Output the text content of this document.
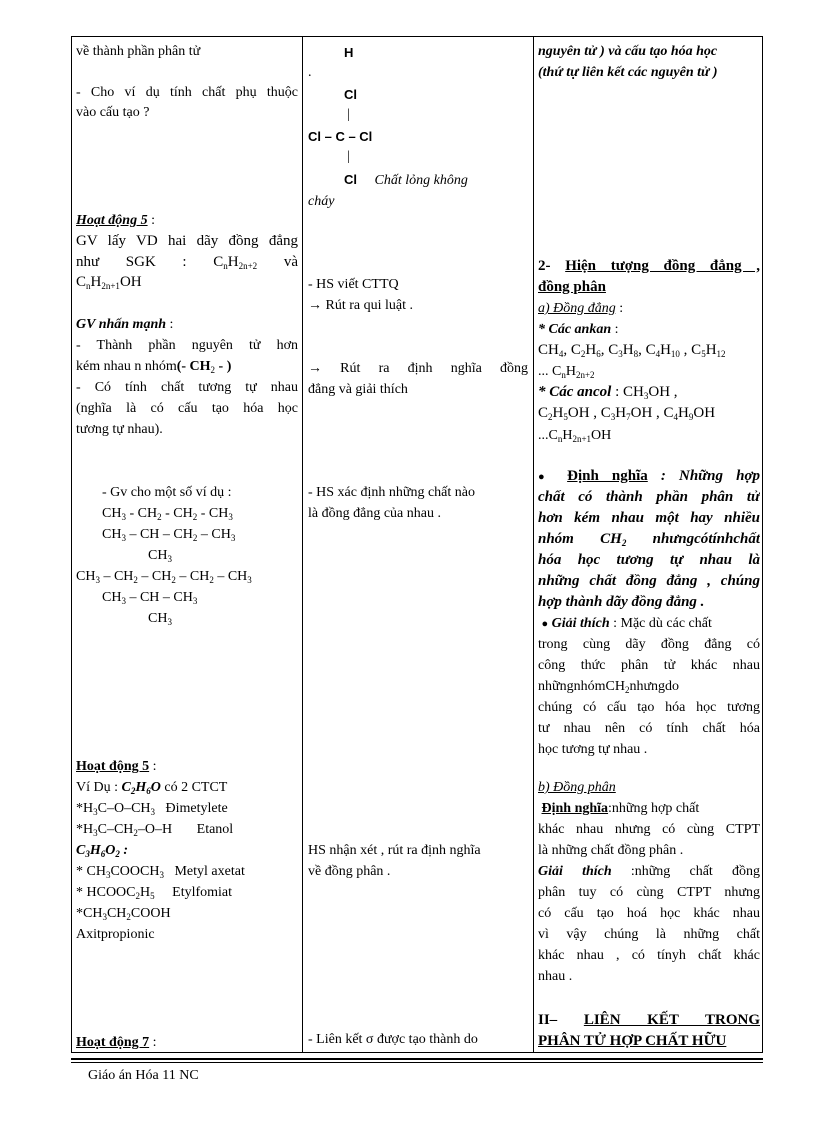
về thành phần phân tử
- Cho ví dụ tính chất phụ thuộc
vào cấu tạo ?
Hoạt động 5 :
GV lấy VD hai dãy đồng đẳng
như SGK : $C_nH_{2n+2}$ và
$C_nH_{2n+1}OH$
GV nhấn mạnh :
- Thành phần nguyên tử hơn
kém nhau n nhóm(- $CH_2$ - )
- Có tính chất tương tự nhau
(nghĩa là có cấu tạo hóa học
tương tự nhau).
- Gv cho một số ví dụ :
$CH_3 - CH_2 - CH_2 - CH_3$
$CH_3$ – CH – $CH_2 - CH_3$
$CH_3$
$CH_3 - CH_2 - CH_2 - CH_2 - CH_3$
$CH_3$ – CH – $CH_3$
$CH_3$
Hoạt động 5 :
Ví Dụ : $C_2H_6O$ có 2 CTCT
$*H_3C-O-CH_3$   Đimetylete
$*H_3C-CH_2-O-H$       Etanol
$C_3H_6O_2$ :
* $CH_3COOCH_3$   Metyl axetat
* $HCOOC_2H_5$     Etylfomiat
$*CH_3CH_2COOH$
Axitpropionic
Hoạt động 7 :
H
.
Cl
|
Cl – C – Cl
|
Cl Chất lỏng không
cháy
- HS viết CTTQ
→ Rút ra qui luật .
→ Rút ra định nghĩa đồng
đẳng và giải thích
- HS xác định những chất nào
là đồng đẳng của nhau .
HS nhận xét , rút ra định nghĩa
về đồng phân .
- Liên kết σ được tạo thành do
nguyên tử ) và cấu tạo hóa học
(thứ tự liên kết các nguyên tử )
2- Hiện tượng đồng đẳng ,
đồng phân
a) Đồng đẳng :
* Các ankan :
$CH_4$, $C_2H_6$, $C_3H_8$, $C_4H_{10}$ , $C_5H_{12}$
... $C_nH_{2n+2}$
* Các ancol : $CH_3OH$ ,
$C_2H_5OH$ , $C_3H_7OH$ , $C_4H_9OH$
$...C_nH_{2n+1}OH$
● Định nghĩa : Những hợp
chất có thành phần phân tử
hơn kém nhau một hay nhiều
nhóm $CH_2$ nhưngcótínhchất
hóa học tương tự nhau là
những chất đồng đẳng , chúng
hợp thành dãy đồng đẳng .
● Giải thích : Mặc dù các chất
trong cùng dãy đồng đẳng có
công thức phân tử khác nhau
nhữngnhómCH$_2$nhưngdo
chúng có cấu tạo hóa học tương
tư nhau nên có tính chất hóa
học tương tự nhau .
b) Đồng phân
Định nghĩa:những hợp chất
khác nhau nhưng có cùng CTPT
là những chất đồng phân .
Giải thích :những chất đồng
phân tuy có cùng CTPT nhưng
có cấu tạo hoá học khác nhau
vì vậy chúng là những chất
khác nhau , có tínyh chất khác
nhau .
II– LIÊN KẾT TRONG
PHÂN TỬ HỢP CHẤT HỮU
Giáo án Hóa 11 NC
